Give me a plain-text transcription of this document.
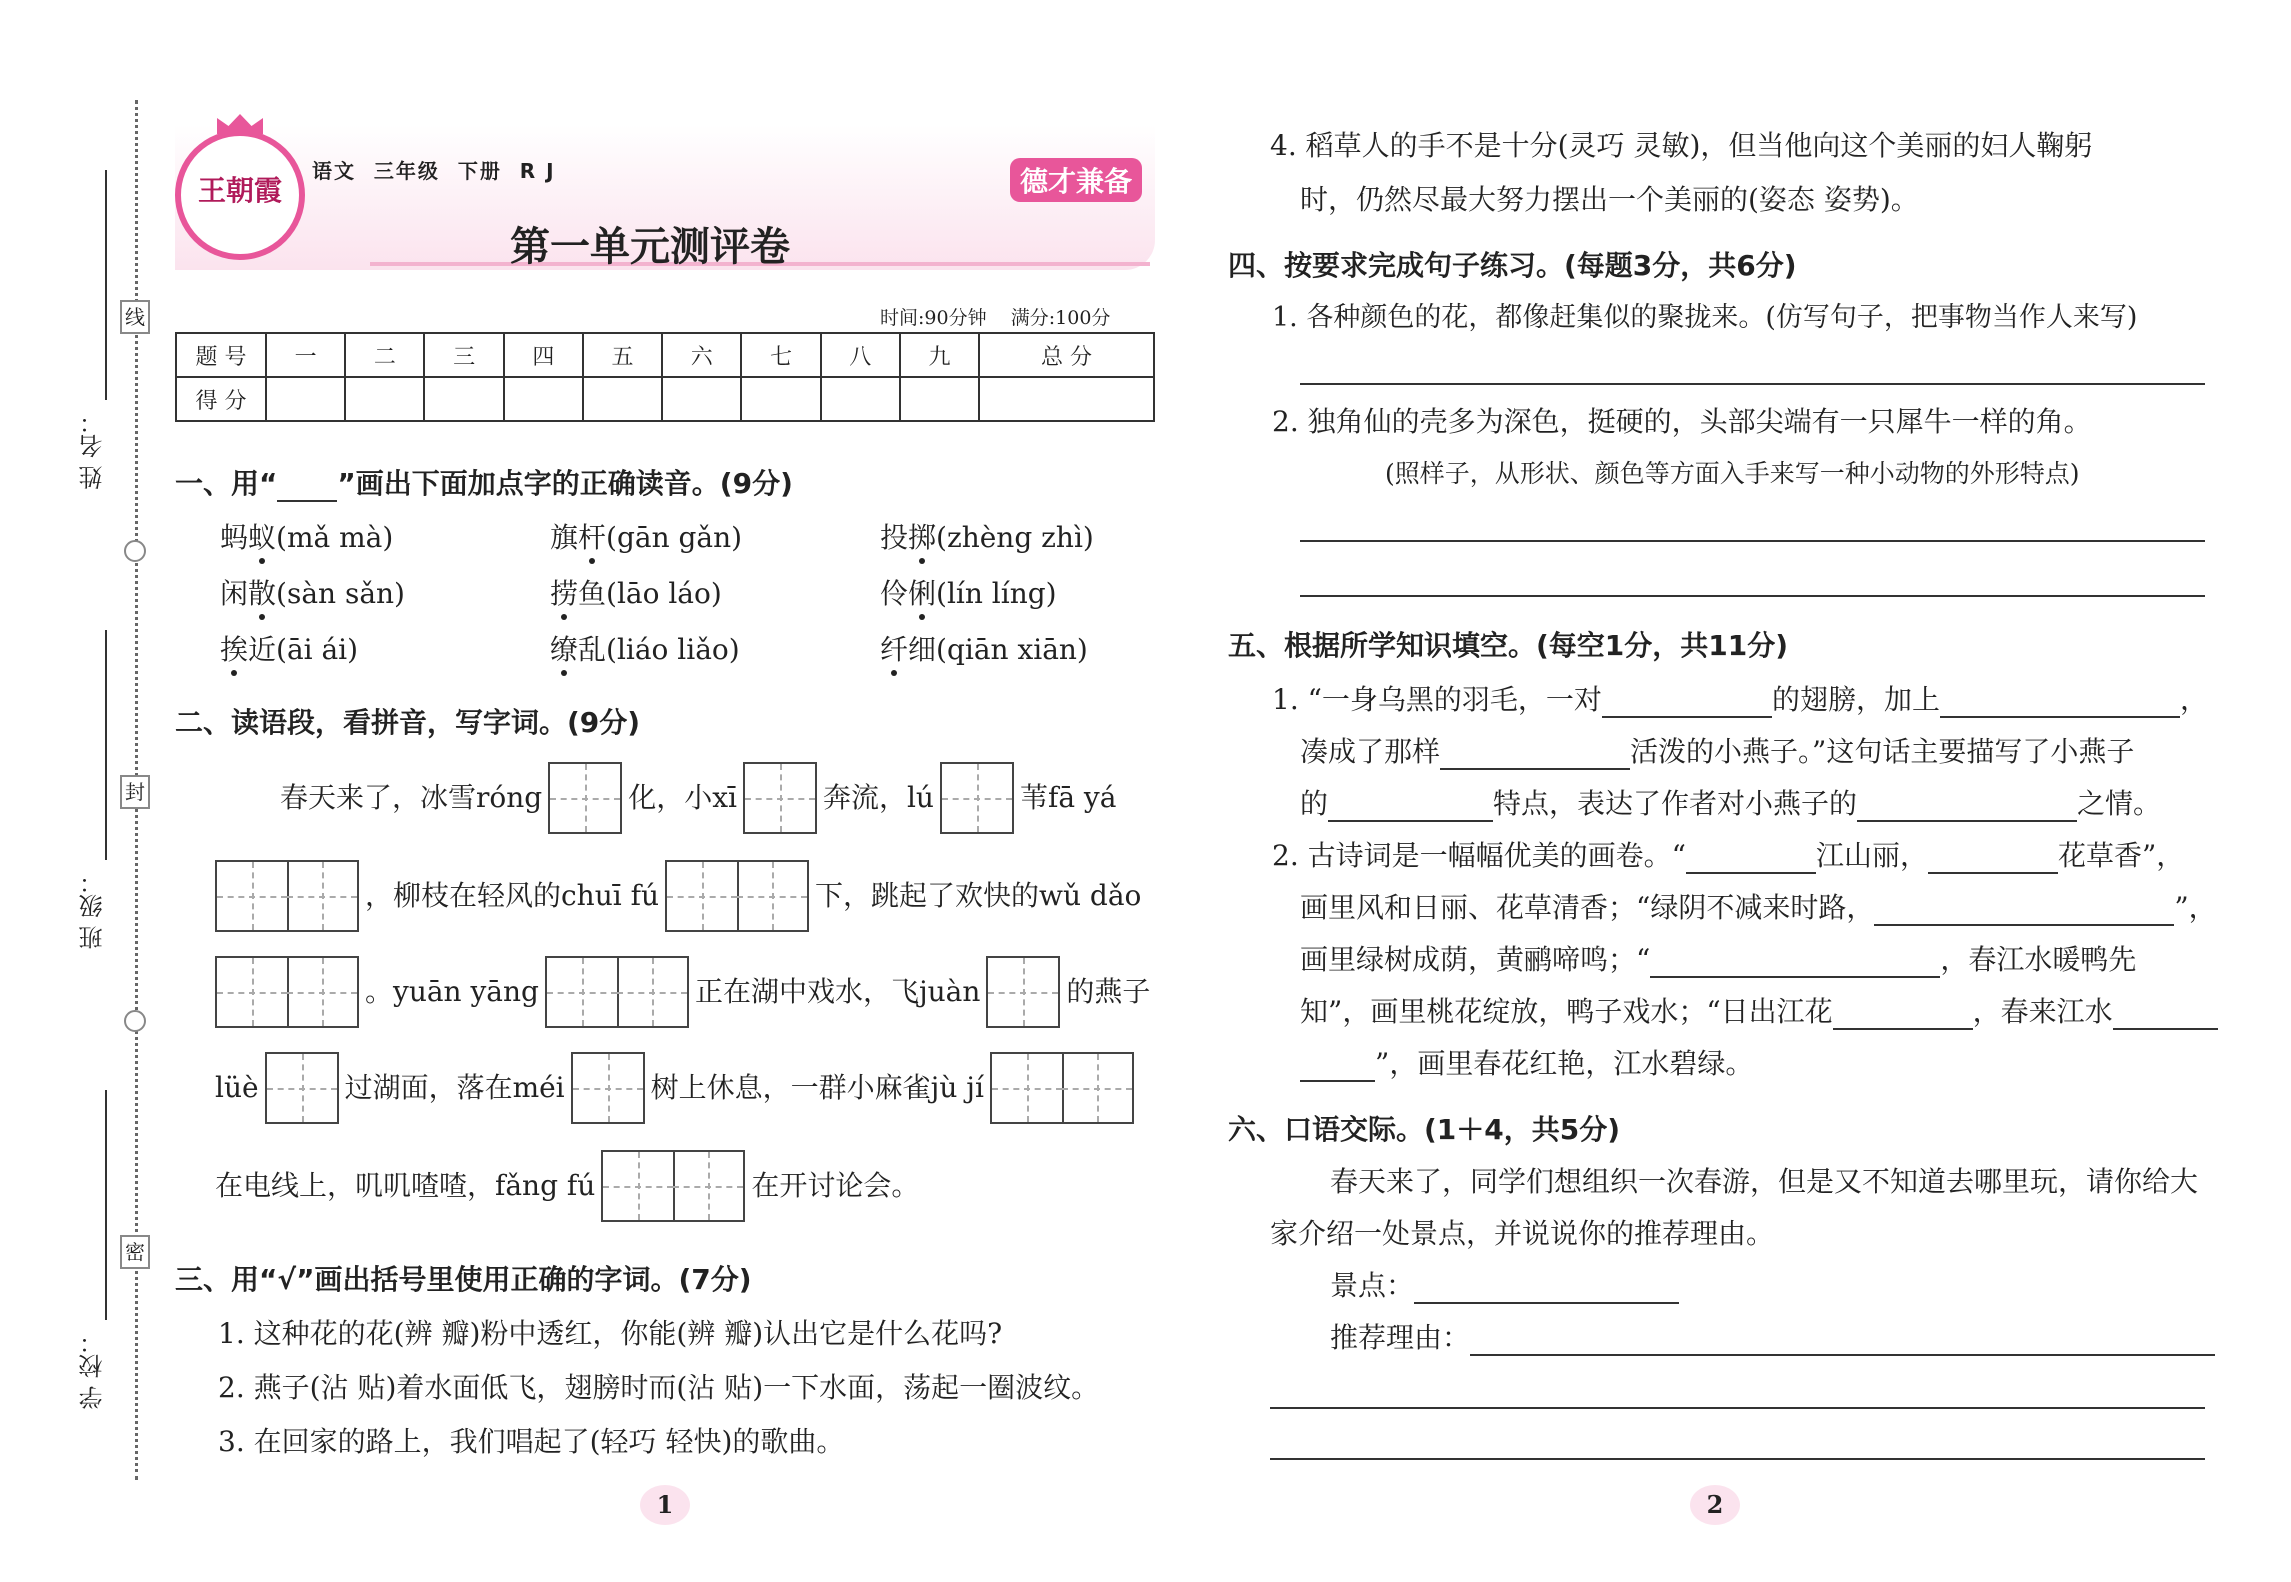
线
封
密
姓 名：
班 级：
学 校：
王朝霞
语文  三年级  下册  R J
第一单元测评卷
德才兼备
时间:90分钟    满分:100分
题 号	一	二	三	四	五	六	七	八	九	总 分
得 分										
一、用“ ”画出下面加点字的正确读音。(9分)
蚂蚁(mǎ mà)	旗杆(gān gǎn)	投掷(zhèng zhì)
闲散(sàn sǎn)	捞鱼(lāo láo)	伶俐(lín líng)
挨近(āi ái)	缭乱(liáo liǎo)	纤细(qiān xiān)
二、读语段，看拼音，写字词。(9分)
春天来了，冰雪róng	化，小xī	奔流，lú	苇fā yá
，柳枝在轻风的chuī fú	下，跳起了欢快的wǔ dǎo
。yuān yāng	正在湖中戏水，飞juàn	的燕子
lüè	过湖面，落在méi	树上休息，一群小麻雀jù jí
在电线上，叽叽喳喳，fǎng fú	在开讨论会。
三、用“√”画出括号里使用正确的字词。(7分)
1. 这种花的花(辨 瓣)粉中透红，你能(辨 瓣)认出它是什么花吗?
2. 燕子(沾 贴)着水面低飞，翅膀时而(沾 贴)一下水面，荡起一圈波纹。
3. 在回家的路上，我们唱起了(轻巧 轻快)的歌曲。
4. 稻草人的手不是十分(灵巧 灵敏)，但当他向这个美丽的妇人鞠躬
时，仍然尽最大努力摆出一个美丽的(姿态 姿势)。
四、按要求完成句子练习。(每题3分，共6分)
1. 各种颜色的花，都像赶集似的聚拢来。(仿写句子，把事物当作人来写)
2. 独角仙的壳多为深色，挺硬的，头部尖端有一只犀牛一样的角。
(照样子，从形状、颜色等方面入手来写一种小动物的外形特点)
五、根据所学知识填空。(每空1分，共11分)
1. “一身乌黑的羽毛，一对	的翅膀，加上	，
凑成了那样	活泼的小燕子。”这句话主要描写了小燕子
的	特点，表达了作者对小燕子的	之情。
2. 古诗词是一幅幅优美的画卷。“	江山丽，	花草香”，
画里风和日丽、花草清香；“绿阴不减来时路，	”，
画里绿树成荫，黄鹂啼鸣；“	，春江水暖鸭先
知”，画里桃花绽放，鸭子戏水；“日出江花	，春来江水
”，画里春花红艳，江水碧绿。
六、口语交际。(1＋4，共5分)
春天来了，同学们想组织一次春游，但是又不知道去哪里玩，请你给大
家介绍一处景点，并说说你的推荐理由。
景点：
推荐理由：
1	2
